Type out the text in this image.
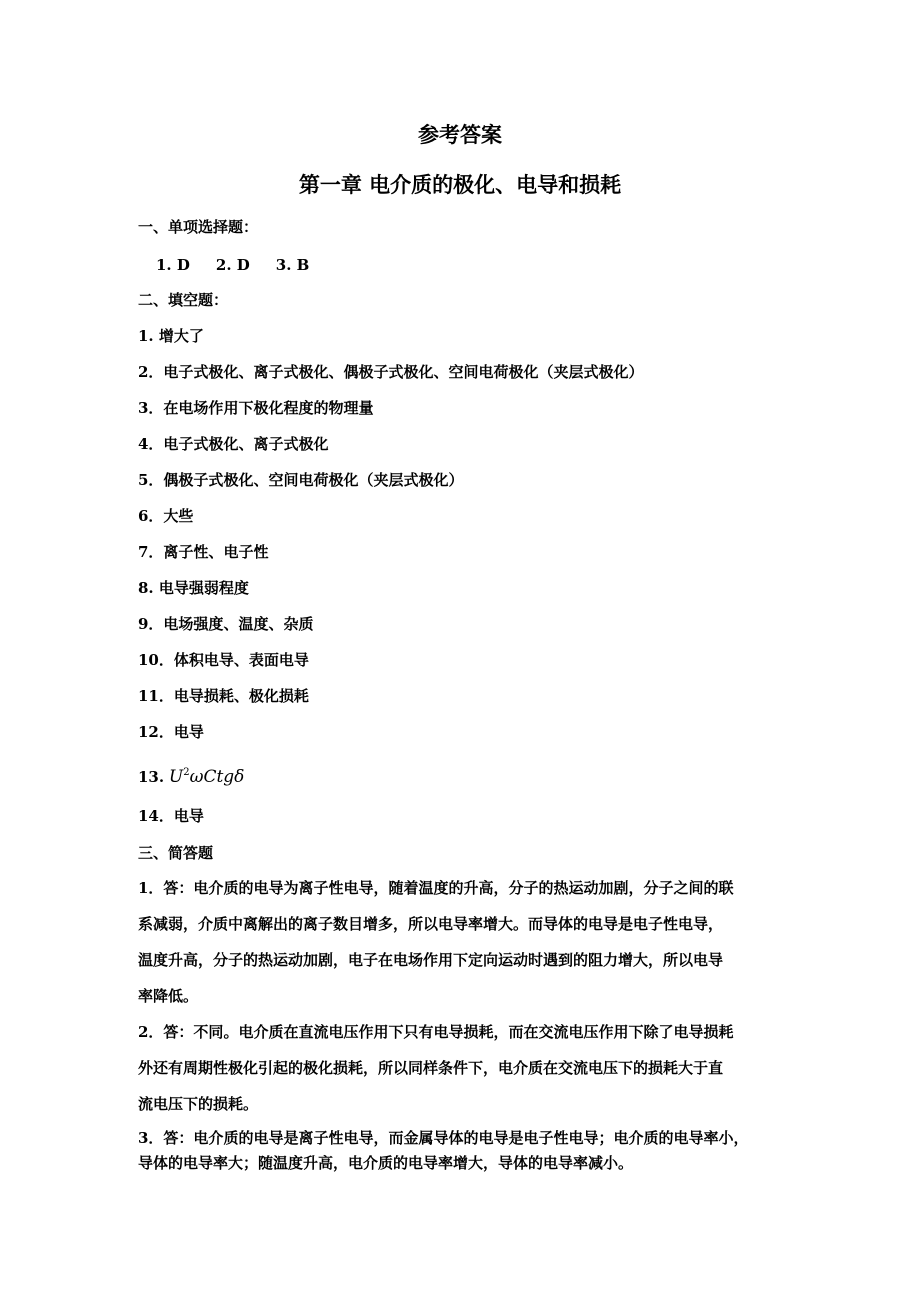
参考答案
第一章 电介质的极化、电导和损耗
一、单项选择题：
1. D 2. D 3. B
二、填空题：
1. 增大了
2．电子式极化、离子式极化、偶极子式极化、空间电荷极化（夹层式极化）
3．在电场作用下极化程度的物理量
4．电子式极化、离子式极化
5．偶极子式极化、空间电荷极化（夹层式极化）
6．大些
7．离子性、电子性
8. 电导强弱程度
9．电场强度、温度、杂质
10．体积电导、表面电导
11．电导损耗、极化损耗
12．电导
13. $U^2\omega Ctg\delta$
14．电导
三、简答题
1．答：电介质的电导为离子性电导，随着温度的升高，分子的热运动加剧，分子之间的联
系减弱，介质中离解出的离子数目增多，所以电导率增大。而导体的电导是电子性电导，
温度升高，分子的热运动加剧，电子在电场作用下定向运动时遇到的阻力增大，所以电导
率降低。
2．答：不同。电介质在直流电压作用下只有电导损耗，而在交流电压作用下除了电导损耗
外还有周期性极化引起的极化损耗，所以同样条件下，电介质在交流电压下的损耗大于直
流电压下的损耗。
3．答：电介质的电导是离子性电导，而金属导体的电导是电子性电导；电介质的电导率小，
导体的电导率大；随温度升高，电介质的电导率增大，导体的电导率减小。
